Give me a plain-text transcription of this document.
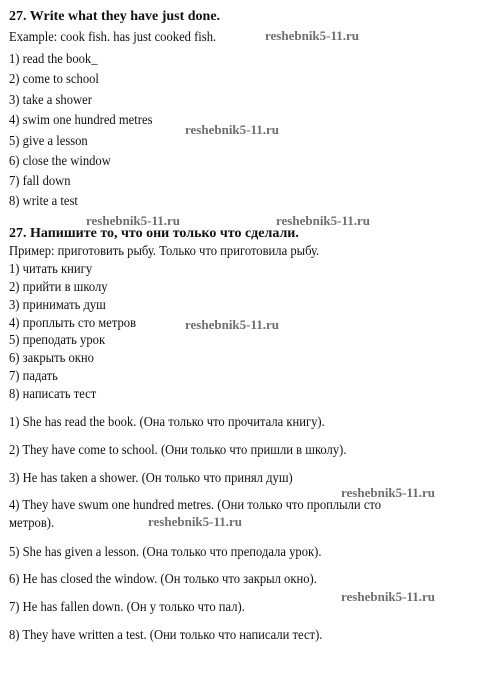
27. Write what they have just done.
Example: cook fish. has just cooked fish.
1) read the book_
2) come to school
3) take a shower
4) swim one hundred metres
5) give a lesson
6) close the window
7) fall down
8) write a test
27. Напишите то, что они только что сделали.
Пример: приготовить рыбу. Только что приготовила рыбу.
1) читать книгу
2) прийти в школу
3) принимать душ
4) проплыть сто метров
5) преподать урок
6) закрыть окно
7) падать
8) написать тест
1) She has read the book. (Она только что прочитала книгу).
2) They have come to school. (Они только что пришли в школу).
3) He has taken a shower. (Он только что принял душ)
4) They have swum one hundred metres. (Они только что проплыли сто
метров).
5) She has given a lesson. (Она только что преподала урок).
6) He has closed the window. (Он только что закрыл окно).
7) He has fallen down. (Он у только что пал).
8) They have written a test. (Они только что написали тест).
reshebnik5-11.ru
reshebnik5-11.ru
reshebnik5-11.ru	reshebnik5-11.ru
reshebnik5-11.ru
reshebnik5-11.ru
reshebnik5-11.ru
reshebnik5-11.ru
